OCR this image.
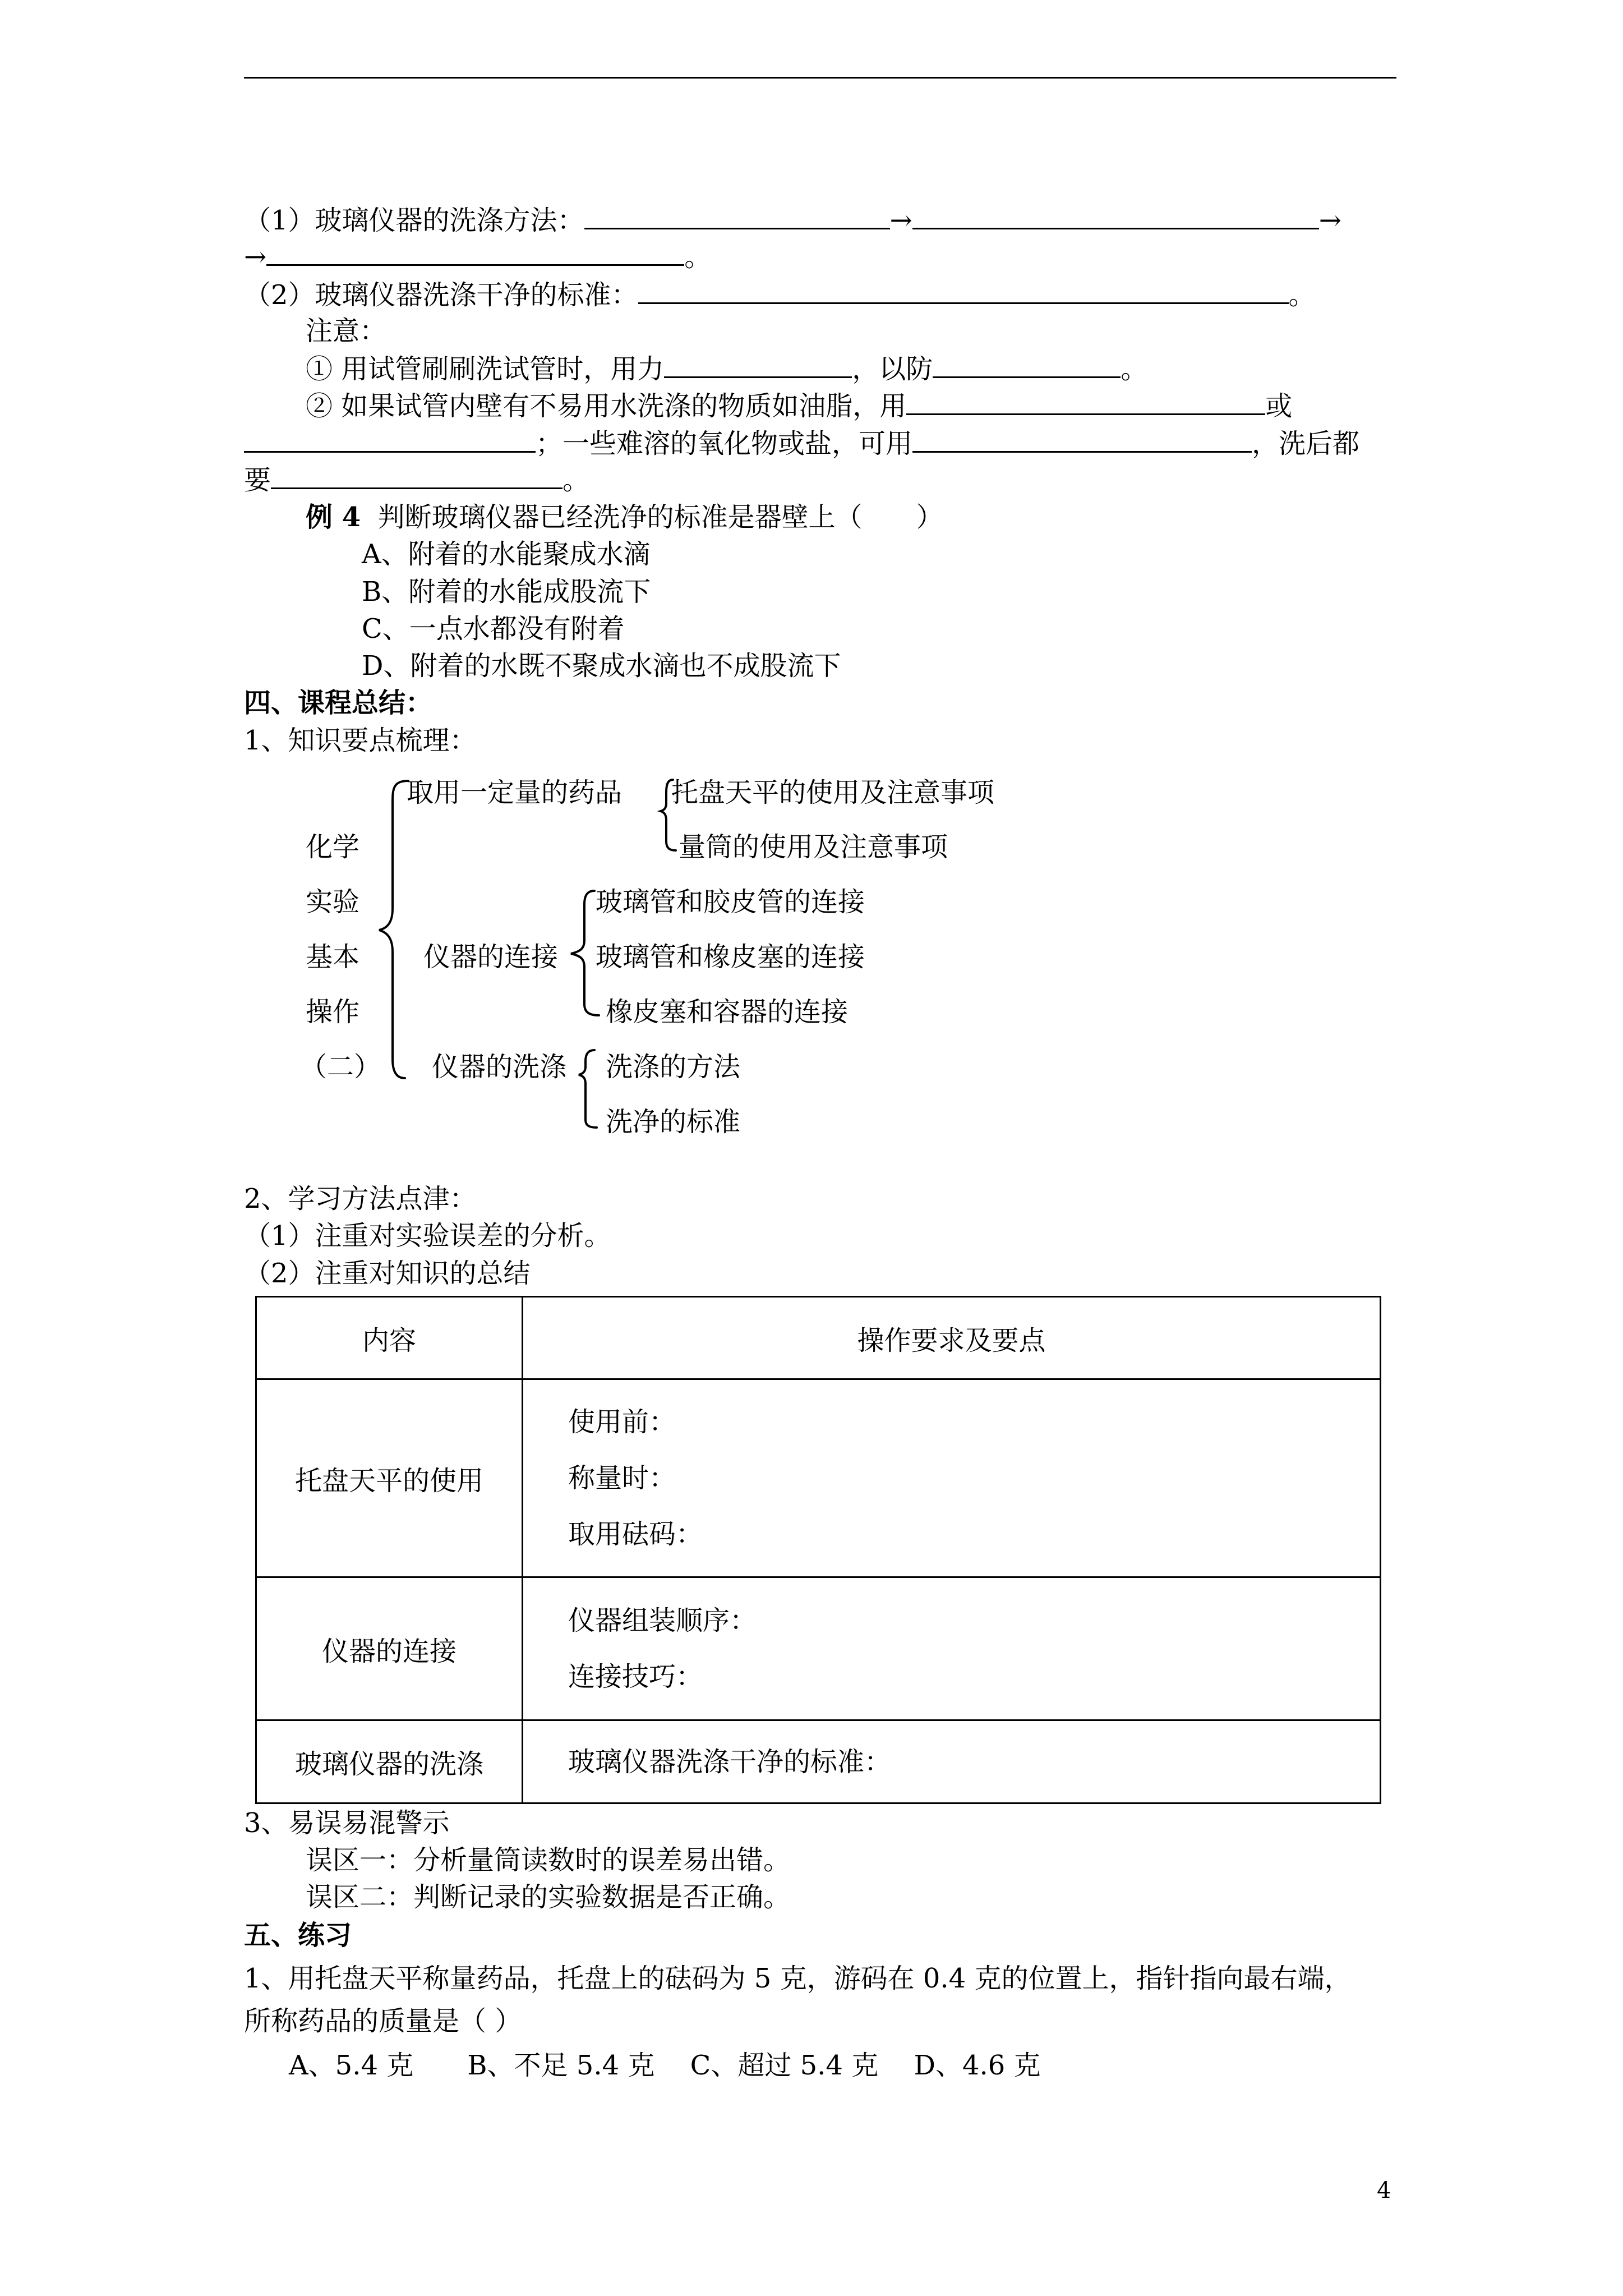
（1）玻璃仪器的洗涤方法：	→	→
→	。
（2）玻璃仪器洗涤干净的标准：	。
注意：
① 用试管刷刷洗试管时，用力	，以防	。
② 如果试管内壁有不易用水洗涤的物质如油脂，用	或
；一些难溶的氧化物或盐，可用	，洗后都
要	。
例 4 判断玻璃仪器已经洗净的标准是器壁上（　　）
A、附着的水能聚成水滴
B、附着的水能成股流下
C、一点水都没有附着
D、附着的水既不聚成水滴也不成股流下
四、课程总结：
1、知识要点梳理：
化学
实验
基本
操作
（二）
取用一定量的药品 托盘天平的使用及注意事项
量筒的使用及注意事项
仪器的连接
玻璃管和胶皮管的连接
玻璃管和橡皮塞的连接
橡皮塞和容器的连接
仪器的洗涤 洗涤的方法
洗净的标准
2、学习方法点津：
（1）注重对实验误差的分析。
（2）注重对知识的总结
内容	操作要求及要点
托盘天平的使用	使用前：
称量时：
取用砝码：

仪器的连接	仪器组装顺序：
连接技巧：

玻璃仪器的洗涤	玻璃仪器洗涤干净的标准：
3、易误易混警示
误区一：分析量筒读数时的误差易出错。
误区二：判断记录的实验数据是否正确。
五、练习
1、用托盘天平称量药品，托盘上的砝码为 5 克，游码在 0.4 克的位置上，指针指向最右端，
所称药品的质量是（ ）
A、5.4 克　　B、不足 5.4 克　 C、超过 5.4 克　 D、4.6 克
4
